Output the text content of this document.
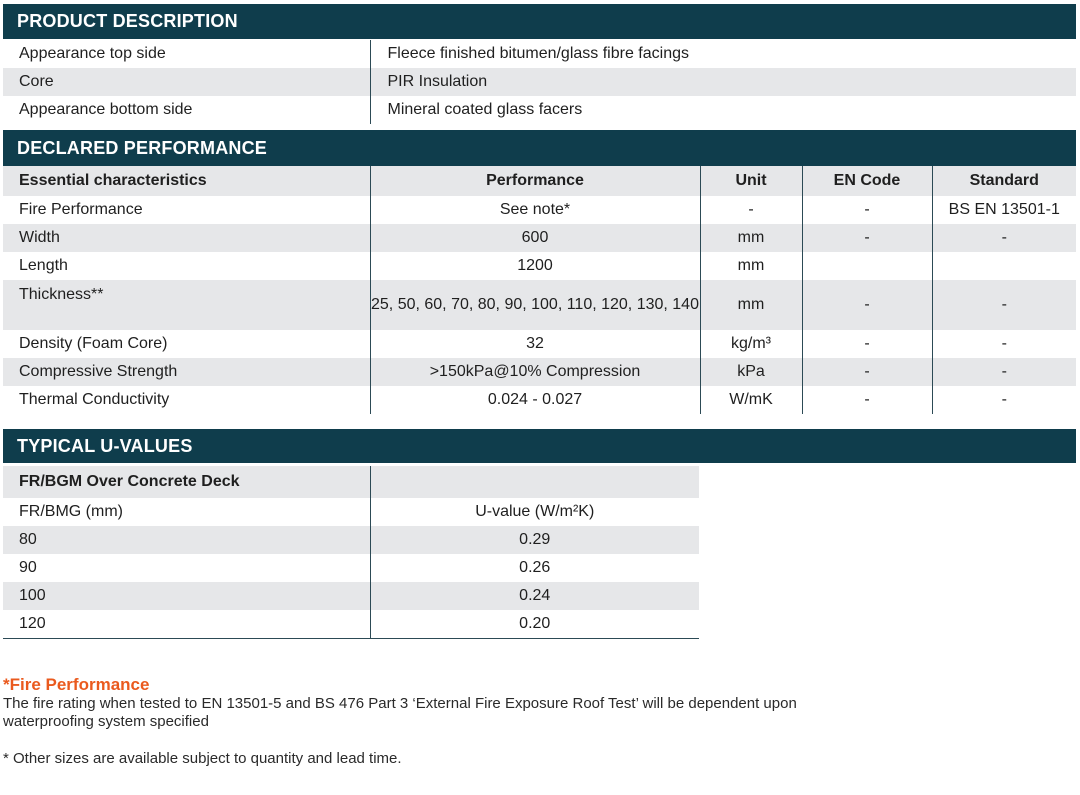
PRODUCT DESCRIPTION
Appearance top side	Fleece finished bitumen/glass fibre facings
Core	PIR Insulation
Appearance bottom side	Mineral coated glass facers
DECLARED PERFORMANCE
Essential characteristics	Performance	Unit	EN Code	Standard
Fire Performance	See note*	-	-	BS EN 13501-1
Width	600	mm	-	-
Length	1200	mm		
Thickness**	25, 50, 60, 70, 80, 90, 100, 110, 120, 130, 140	mm	-	-
Density (Foam Core)	32	kg/m³	-	-
Compressive Strength	>150kPa@10% Compression	kPa	-	-
Thermal Conductivity	0.024 - 0.027	W/mK	-	-
TYPICAL U-VALUES
FR/BGM Over Concrete Deck	
FR/BMG (mm)	U-value (W/m²K)
80	0.29
90	0.26
100	0.24
120	0.20
*Fire Performance
The fire rating when tested to EN 13501-5 and BS 476 Part 3 ‘External Fire Exposure Roof Test’ will be dependent upon waterproofing system specified
* Other sizes are available subject to quantity and lead time.
